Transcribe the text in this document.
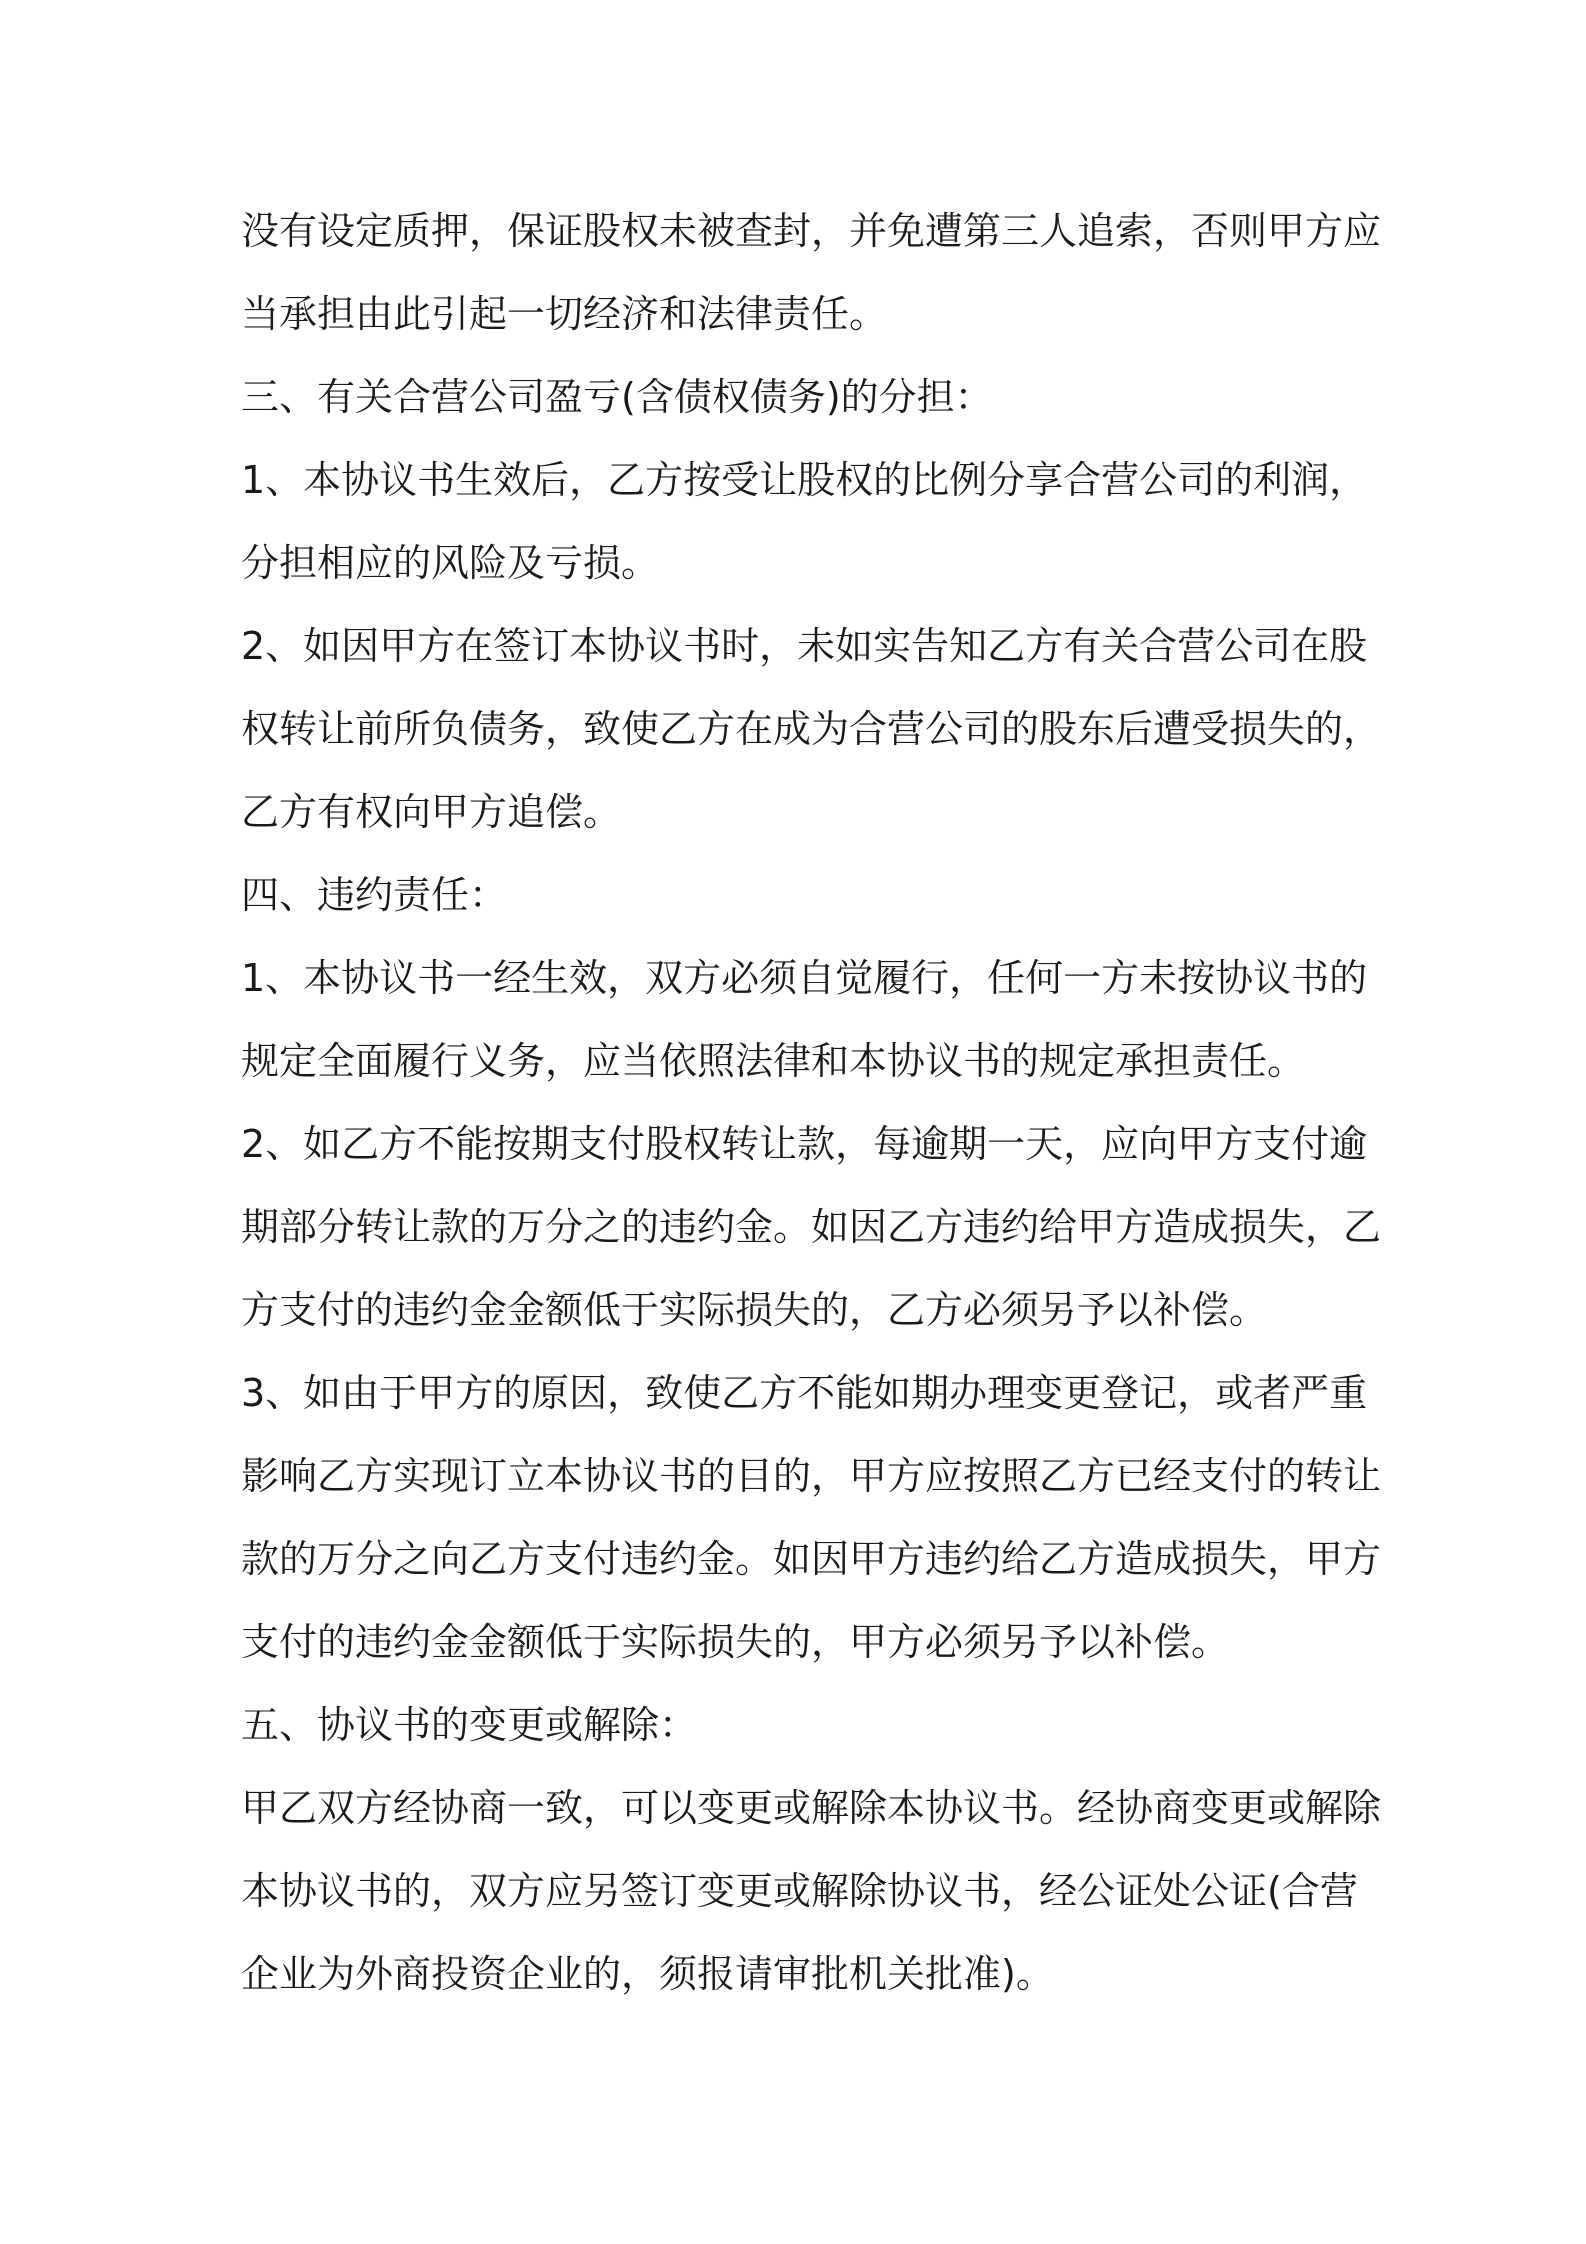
没有设定质押，保证股权未被查封，并免遭第三人追索，否则甲方应
当承担由此引起一切经济和法律责任。
三、有关合营公司盈亏(含债权债务)的分担：
1、本协议书生效后，乙方按受让股权的比例分享合营公司的利润，
分担相应的风险及亏损。
2、如因甲方在签订本协议书时，未如实告知乙方有关合营公司在股
权转让前所负债务，致使乙方在成为合营公司的股东后遭受损失的，
乙方有权向甲方追偿。
四、违约责任：
1、本协议书一经生效，双方必须自觉履行，任何一方未按协议书的
规定全面履行义务，应当依照法律和本协议书的规定承担责任。
2、如乙方不能按期支付股权转让款，每逾期一天，应向甲方支付逾
期部分转让款的万分之的违约金。如因乙方违约给甲方造成损失，乙
方支付的违约金金额低于实际损失的，乙方必须另予以补偿。
3、如由于甲方的原因，致使乙方不能如期办理变更登记，或者严重
影响乙方实现订立本协议书的目的，甲方应按照乙方已经支付的转让
款的万分之向乙方支付违约金。如因甲方违约给乙方造成损失，甲方
支付的违约金金额低于实际损失的，甲方必须另予以补偿。
五、协议书的变更或解除：
甲乙双方经协商一致，可以变更或解除本协议书。经协商变更或解除
本协议书的，双方应另签订变更或解除协议书，经公证处公证(合营
企业为外商投资企业的，须报请审批机关批准)。
